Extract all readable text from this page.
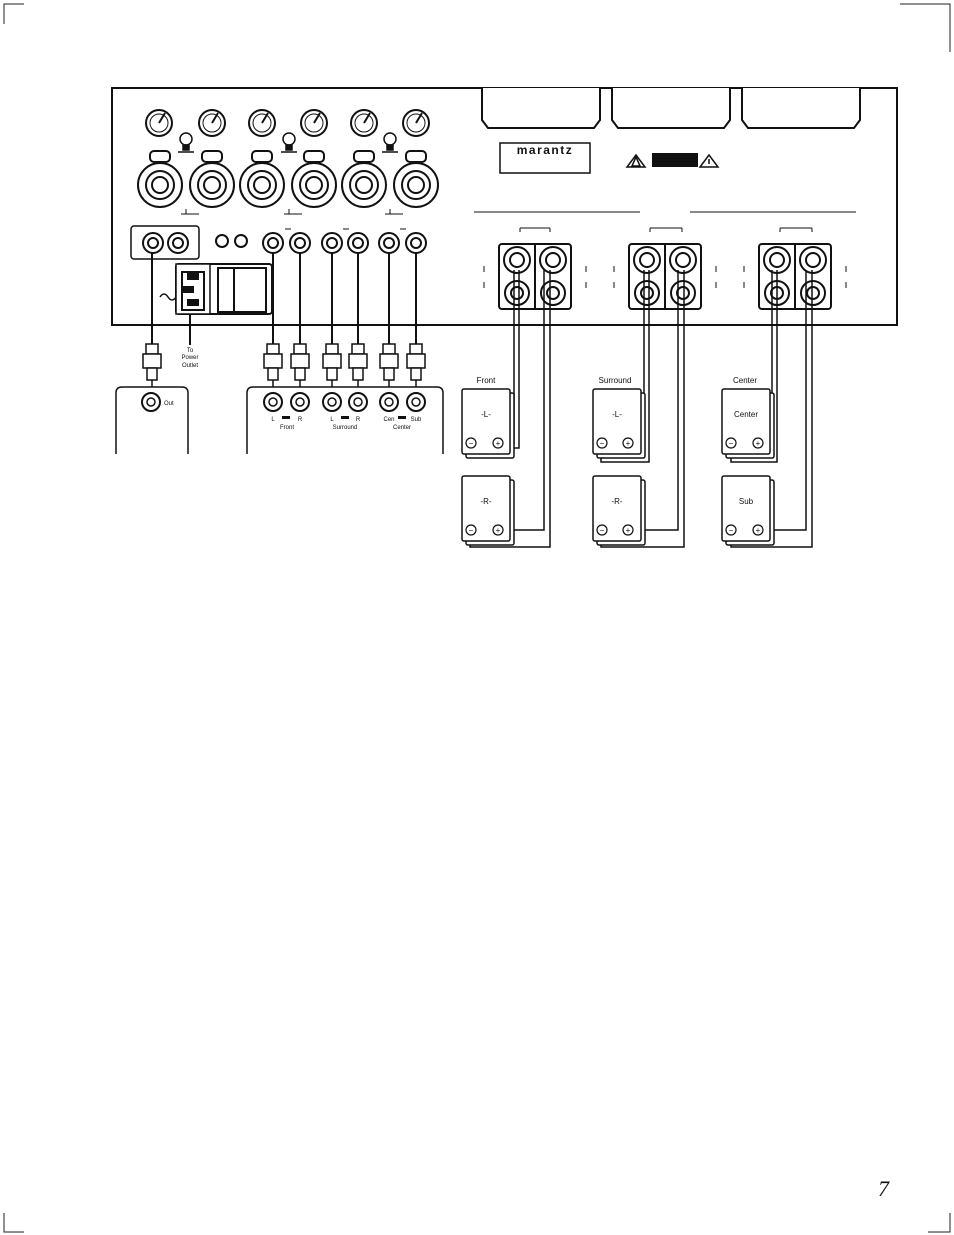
marantz
To
Power
Outlet
Out
L	R	L	R	Cen	Sub
Front	Surround	Center
Front	Surround	Center
-L-
-R-
-L-
-R-
Center
Sub
−	+
−	+
−	+
−	+
−	+
−	+
7
